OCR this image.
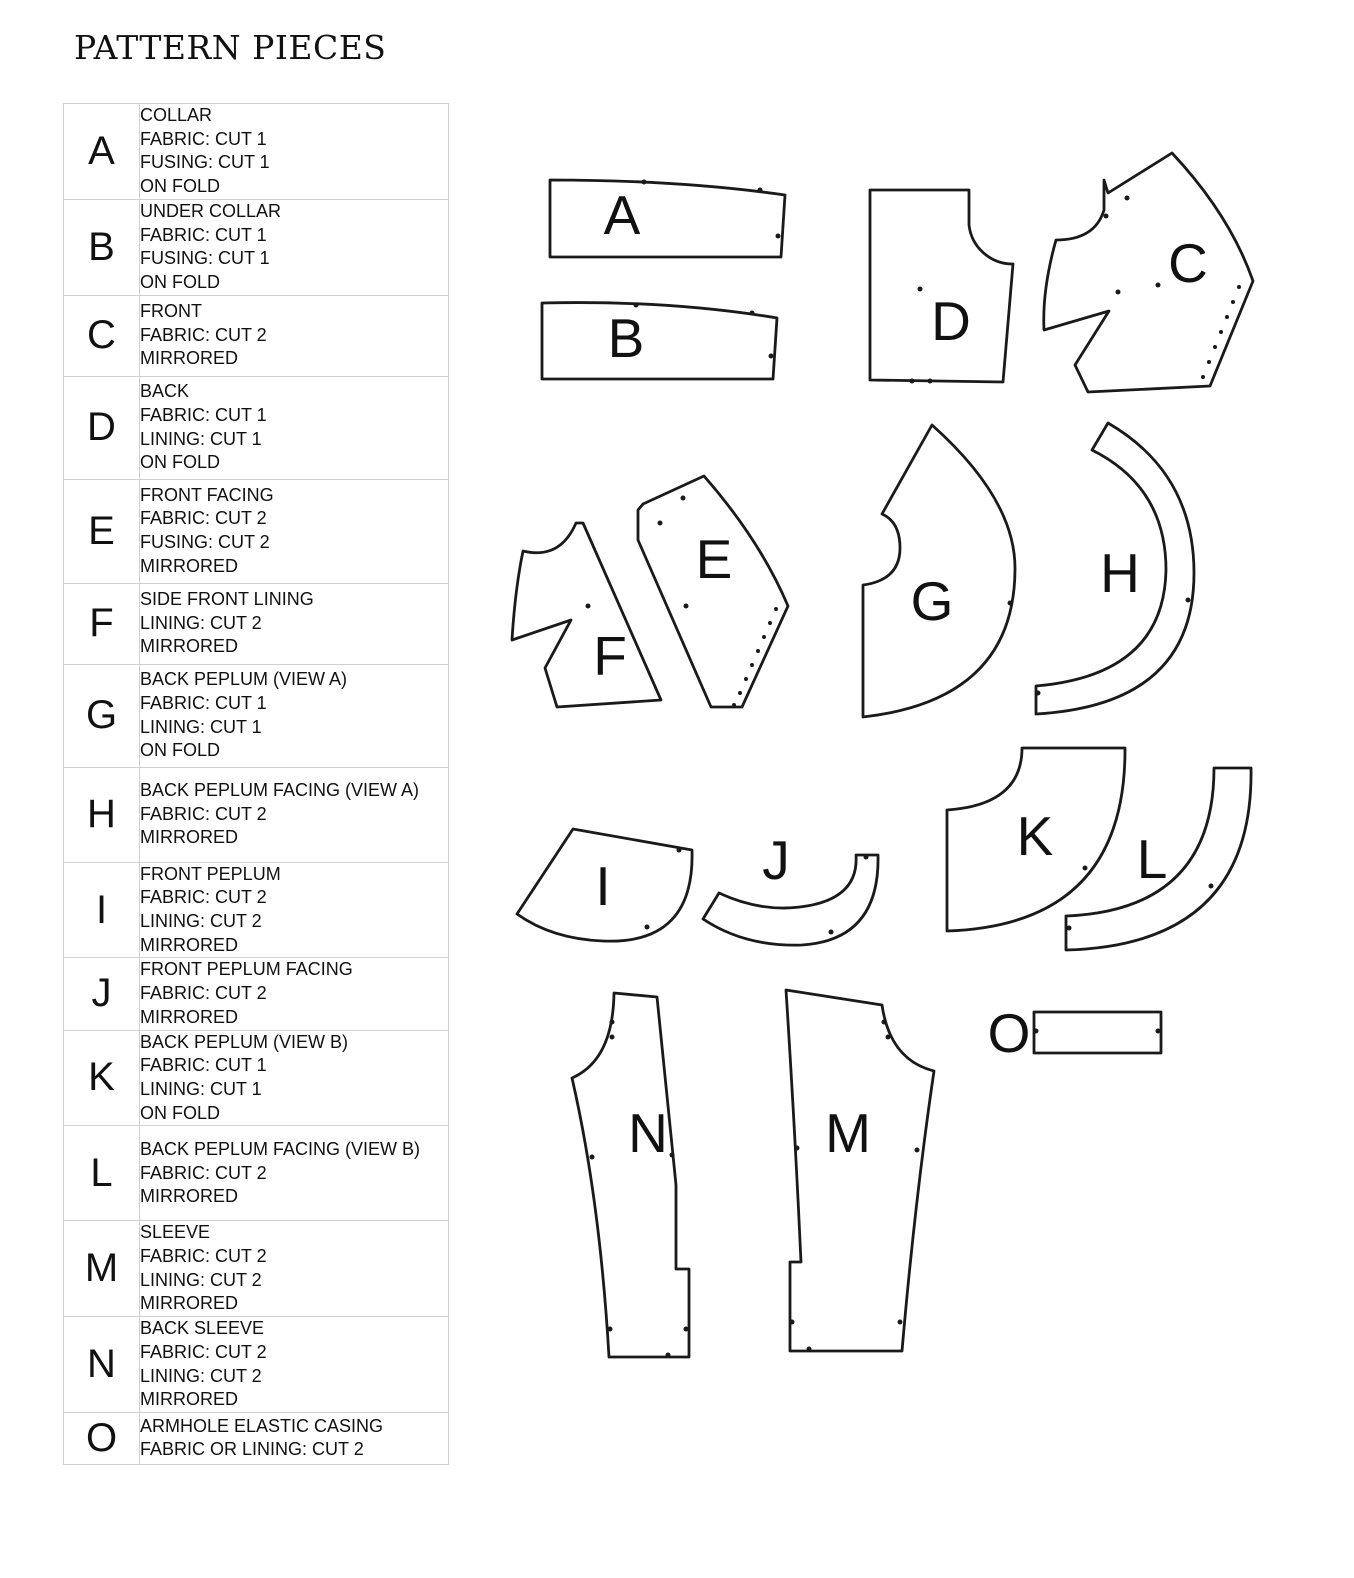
PATTERN PIECES
A	COLLAR
FABRIC: CUT 1
FUSING: CUT 1
ON FOLD

B	UNDER COLLAR
FABRIC: CUT 1
FUSING: CUT 1
ON FOLD

C	FRONT
FABRIC: CUT 2
MIRRORED

D	BACK
FABRIC: CUT 1
LINING: CUT 1
ON FOLD

E	FRONT FACING
FABRIC: CUT 2
FUSING: CUT 2
MIRRORED

F	SIDE FRONT LINING
LINING: CUT 2
MIRRORED

G	BACK PEPLUM (VIEW A)
FABRIC: CUT 1
LINING: CUT 1
ON FOLD

H	BACK PEPLUM FACING (VIEW A)
FABRIC: CUT 2
MIRRORED

I	FRONT PEPLUM
FABRIC: CUT 2
LINING: CUT 2
MIRRORED

J	FRONT PEPLUM FACING
FABRIC: CUT 2
MIRRORED

K	BACK PEPLUM (VIEW B)
FABRIC: CUT 1
LINING: CUT 1
ON FOLD

L	BACK PEPLUM FACING (VIEW B)
FABRIC: CUT 2
MIRRORED

M	SLEEVE
FABRIC: CUT 2
LINING: CUT 2
MIRRORED

N	BACK SLEEVE
FABRIC: CUT 2
LINING: CUT 2
MIRRORED

O	ARMHOLE ELASTIC CASING
FABRIC OR LINING: CUT 2
A
B	D
C
F
E
G	H
I	J	K L
N	M
O
